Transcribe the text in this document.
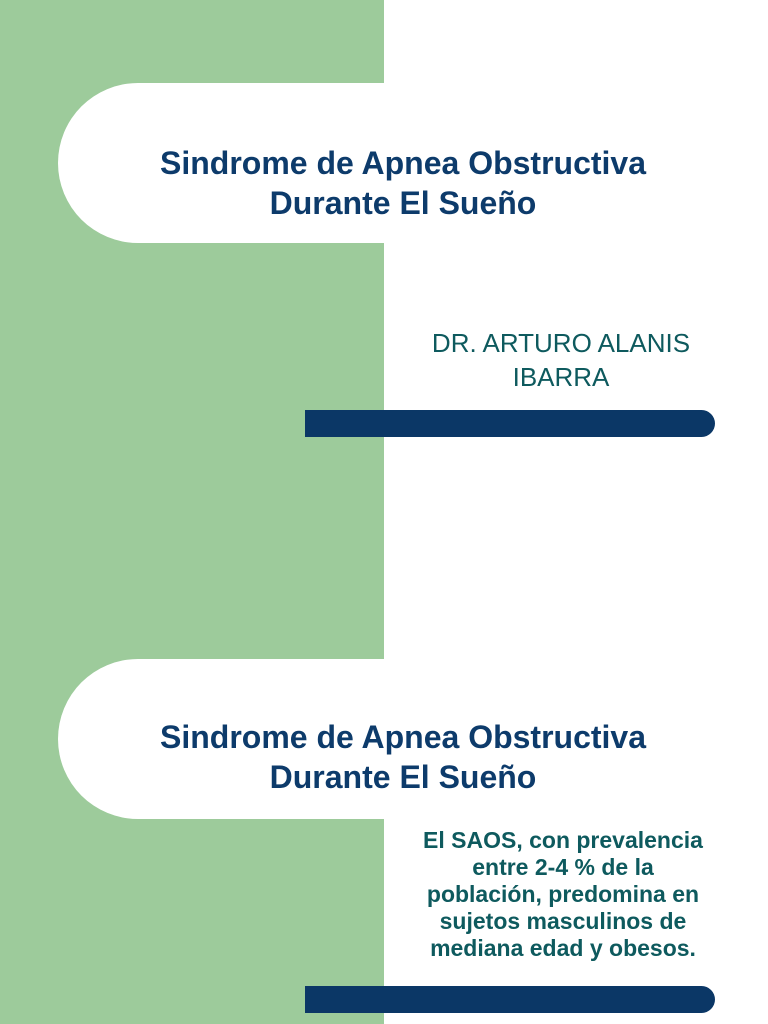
Sindrome de Apnea Obstructiva
Durante El Sueño
DR. ARTURO ALANIS
IBARRA
Sindrome de Apnea Obstructiva
Durante El Sueño
El SAOS, con prevalencia
entre 2-4 % de la
población, predomina en
sujetos masculinos de
mediana edad y obesos.
